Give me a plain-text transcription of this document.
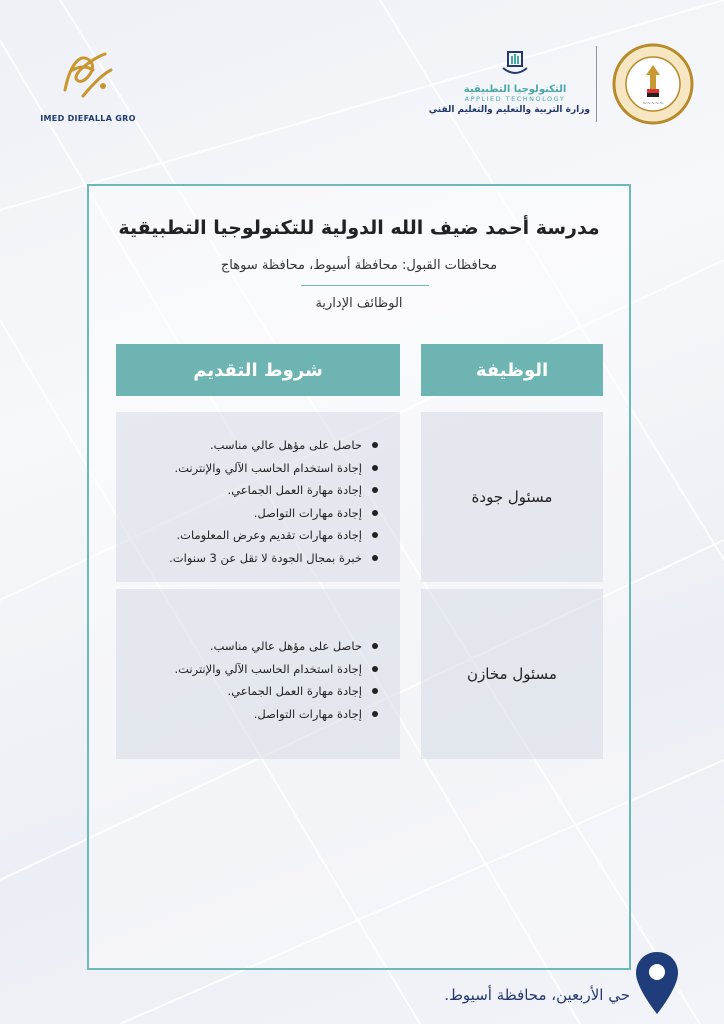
IMED DIEFALLA GRO
التكنولوجيا التطبيقية
APPLIED TECHNOLOGY
وزارة التربية والتعليم والتعليم الفني
~~~~~
مدرسة أحمد ضيف الله الدولية للتكنولوجيا التطبيقية
محافظات القبول: محافظة أسيوط، محافظة سوهاج
الوظائف الإدارية
الوظيفة
شروط التقديم
مسئول جودة
حاصل على مؤهل عالي مناسب.
إجادة استخدام الحاسب الآلي والإنترنت.
إجادة مهارة العمل الجماعي.
إجادة مهارات التواصل.
إجادة مهارات تقديم وعرض المعلومات.
خبرة بمجال الجودة لا تقل عن 3 سنوات.
مسئول مخازن
حاصل على مؤهل عالي مناسب.
إجادة استخدام الحاسب الآلي والإنترنت.
إجادة مهارة العمل الجماعي.
إجادة مهارات التواصل.
حي الأربعين، محافظة أسيوط.
